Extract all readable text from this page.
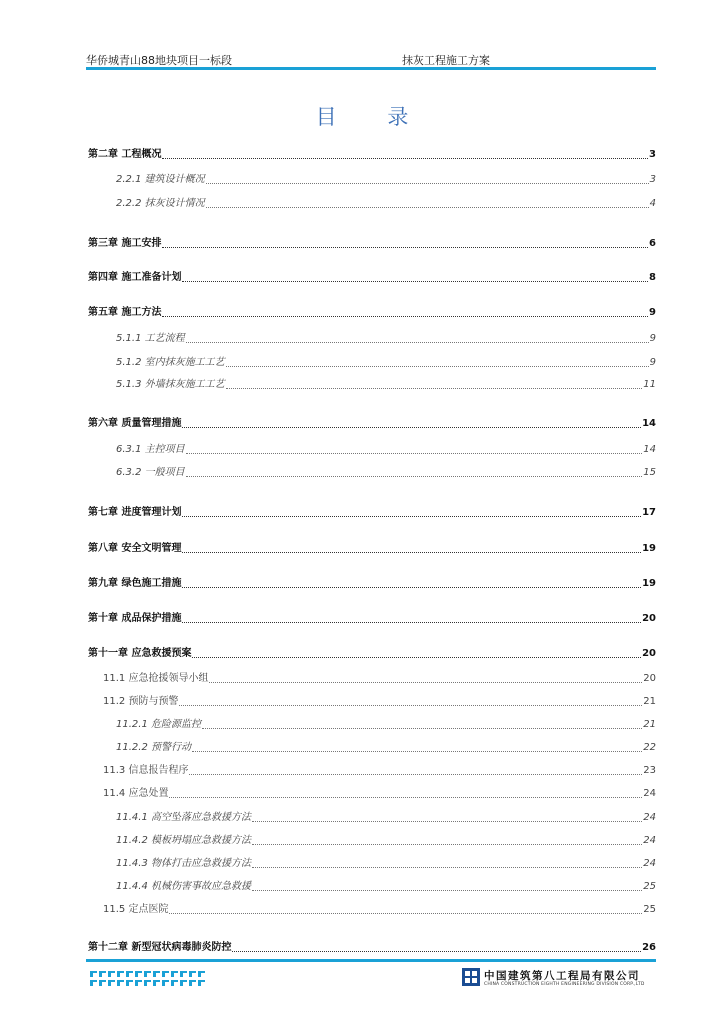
华侨城青山88地块项目一标段	抹灰工程施工方案
目 录
第二章 工程概况	3
2.2.1 建筑设计概况	3
2.2.2 抹灰设计情况	4
第三章 施工安排	6
第四章 施工准备计划	8
第五章 施工方法	9
5.1.1 工艺流程	9
5.1.2 室内抹灰施工工艺	9
5.1.3 外墙抹灰施工工艺	11
第六章 质量管理措施	14
6.3.1 主控项目	14
6.3.2 一般项目	15
第七章 进度管理计划	17
第八章 安全文明管理	19
第九章 绿色施工措施	19
第十章 成品保护措施	20
第十一章 应急救援预案	20
11.1 应急抢援领导小组	20
11.2 预防与预警	21
11.2.1 危险源监控	21
11.2.2 预警行动	22
11.3 信息报告程序	23
11.4 应急处置	24
11.4.1 高空坠落应急救援方法	24
11.4.2 模板坍塌应急救援方法	24
11.4.3 物体打击应急救援方法	24
11.4.4 机械伤害事故应急救援	25
11.5 定点医院	25
第十二章 新型冠状病毒肺炎防控	26
中国建筑第八工程局有限公司
CHINA CONSTRUCTION EIGHTH ENGINEERING DIVISION CORP.,LTD
